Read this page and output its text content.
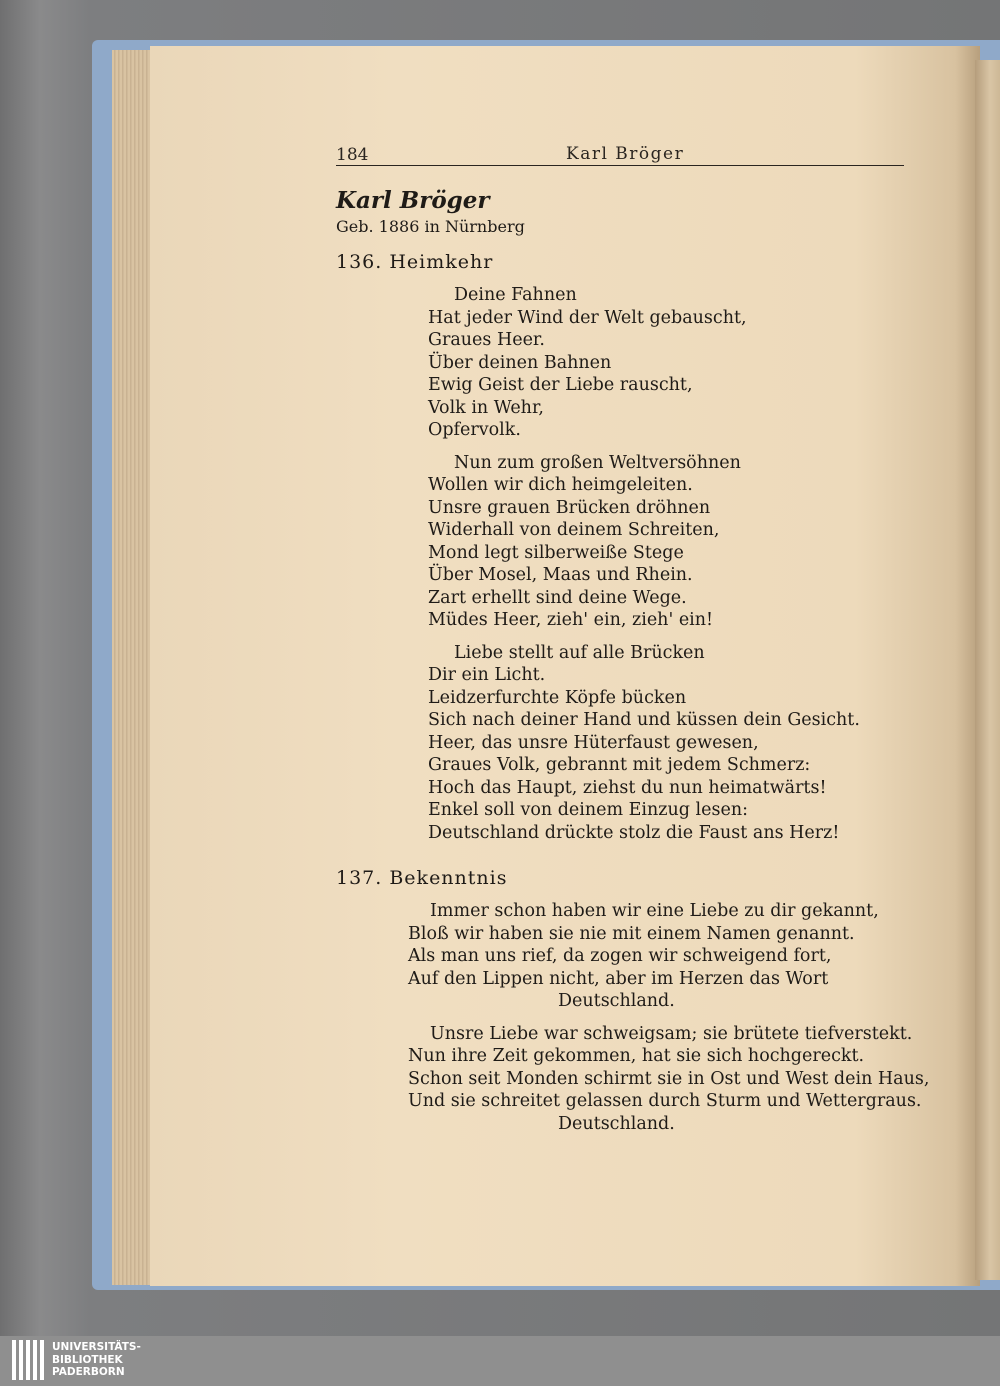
184	Karl Bröger
Karl Bröger
Geb. 1886 in Nürnberg
136. Heimkehr
Deine Fahnen
Hat jeder Wind der Welt gebauscht,
Graues Heer.
Über deinen Bahnen
Ewig Geist der Liebe rauscht,
Volk in Wehr,
Opfervolk.
Nun zum großen Weltversöhnen
Wollen wir dich heimgeleiten.
Unsre grauen Brücken dröhnen
Widerhall von deinem Schreiten,
Mond legt silberweiße Stege
Über Mosel, Maas und Rhein.
Zart erhellt sind deine Wege.
Müdes Heer, zieh' ein, zieh' ein!
Liebe stellt auf alle Brücken
Dir ein Licht.
Leidzerfurchte Köpfe bücken
Sich nach deiner Hand und küssen dein Gesicht.
Heer, das unsre Hüterfaust gewesen,
Graues Volk, gebrannt mit jedem Schmerz:
Hoch das Haupt, ziehst du nun heimatwärts!
Enkel soll von deinem Einzug lesen:
Deutschland drückte stolz die Faust ans Herz!
137. Bekenntnis
Immer schon haben wir eine Liebe zu dir gekannt,
Bloß wir haben sie nie mit einem Namen genannt.
Als man uns rief, da zogen wir schweigend fort,
Auf den Lippen nicht, aber im Herzen das Wort
Deutschland.
Unsre Liebe war schweigsam; sie brütete tiefverstekt.
Nun ihre Zeit gekommen, hat sie sich hochgereckt.
Schon seit Monden schirmt sie in Ost und West dein Haus,
Und sie schreitet gelassen durch Sturm und Wettergraus.
Deutschland.
UNIVERSITÄTS-
BIBLIOTHEK
PADERBORN
